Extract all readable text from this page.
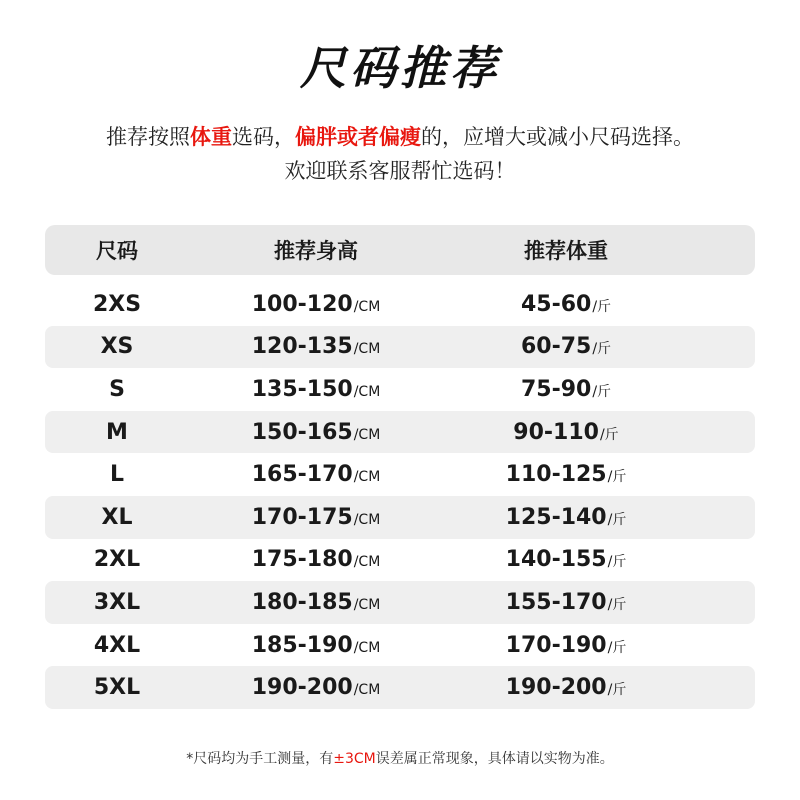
尺码推荐
推荐按照体重选码，偏胖或者偏瘦的，应增大或减小尺码选择。
欢迎联系客服帮忙选码！
尺码	推荐身高	推荐体重
2XS	100-120/CM	45-60/斤
XS	120-135/CM	60-75/斤
S	135-150/CM	75-90/斤
M	150-165/CM	90-110/斤
L	165-170/CM	110-125/斤
XL	170-175/CM	125-140/斤
2XL	175-180/CM	140-155/斤
3XL	180-185/CM	155-170/斤
4XL	185-190/CM	170-190/斤
5XL	190-200/CM	190-200/斤
*尺码均为手工测量，有±3CM误差属正常现象，具体请以实物为准。
